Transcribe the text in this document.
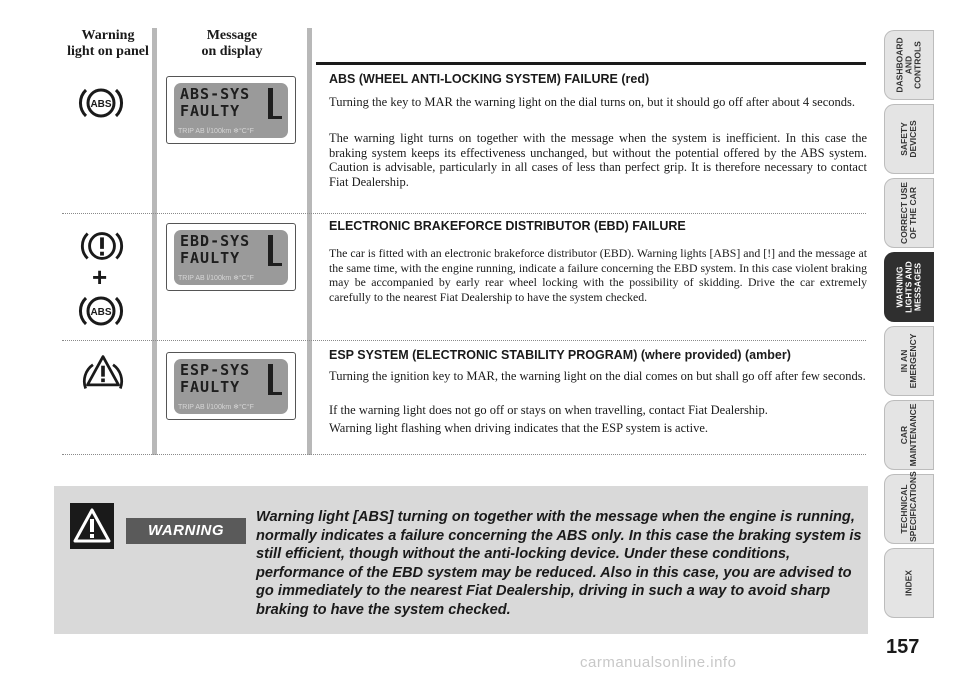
Warning
light on panel
Message
on display
ABS
ABS-SYS
FAULTY
TRIP AB l/100km ❄°C°F
ABS (WHEEL ANTI-LOCKING SYSTEM) FAILURE (red)
Turning the key to MAR the warning light on the dial turns on, but it should go off after about 4 seconds.
The warning light turns on together with the message when the system is inefficient. In this case the braking system keeps its effectiveness unchanged, but without the potential offered by the ABS system. Caution is advisable, particularly in all cases of less than perfect grip. It is therefore necessary to contact Fiat Dealership.
+
ABS
EBD-SYS
FAULTY
TRIP AB l/100km ❄°C°F
ELECTRONIC BRAKEFORCE DISTRIBUTOR (EBD) FAILURE
The car is fitted with an electronic brakeforce distributor (EBD). Warning lights [ABS] and [!] and the message at the same time, with the engine running, indicate a failure concerning the EBD system. In this case violent braking may be accompanied by early rear wheel locking with the possibility of skidding. Drive the car extremely carefully to the nearest Fiat Dealership to have the system checked.
ESP-SYS
FAULTY
TRIP AB l/100km ❄°C°F
ESP SYSTEM (ELECTRONIC STABILITY PROGRAM) (where provided) (amber)
Turning the ignition key to MAR, the warning light on the dial comes on but shall go off after few seconds.
If the warning light does not go off or stays on when travelling, contact Fiat Dealership.
Warning light flashing when driving indicates that the ESP system is active.
WARNING
Warning light [ABS] turning on together with the message when the engine is running, normally indicates a failure concerning the ABS only. In this case the braking system is still efficient, though without the anti-locking device. Under these conditions, performance of the EBD system may be reduced. Also in this case, you are advised to go immediately to the nearest Fiat Dealership, driving in such a way to avoid sharp braking to have the system checked.
DASHBOARD
AND CONTROLS
SAFETY
DEVICES
CORRECT USE
OF THE CAR
WARNING
LIGHTS AND
MESSAGES
IN AN
EMERGENCY
CAR
MAINTENANCE
TECHNICAL
SPECIFICATIONS
INDEX
157
carmanualsonline.info
